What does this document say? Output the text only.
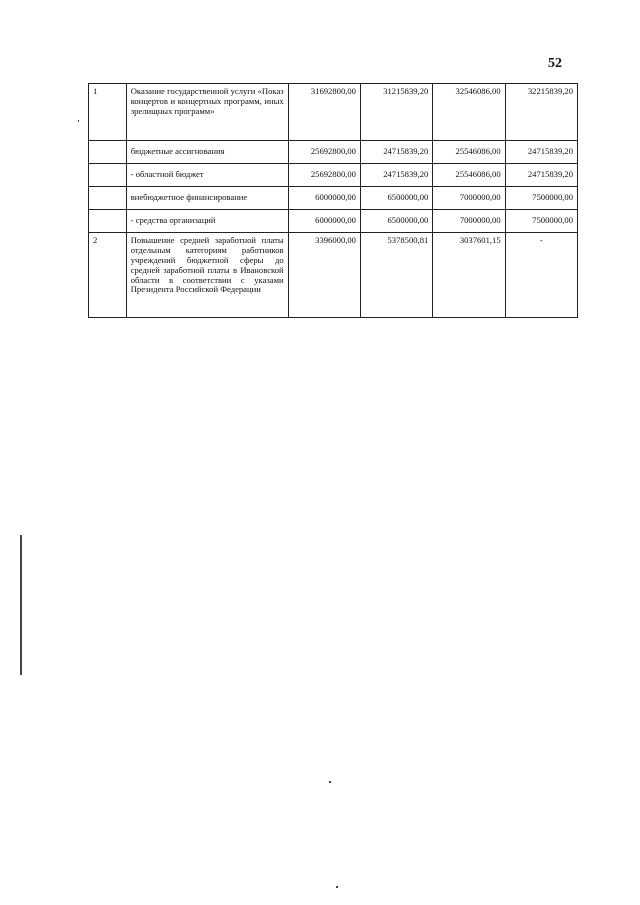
52
1	Оказание государственной услуги «Показ концертов и концертных программ, иных зрелищных программ»	31692800,00	31215839,20	32546086,00	32215839,20
	бюджетные ассигнования	25692800,00	24715839,20	25546086,00	24715839,20
	- областной бюджет	25692800,00	24715839,20	25546086,00	24715839,20
	внебюджетное финансирование	6000000,00	6500000,00	7000000,00	7500000,00
	- средства организаций	6000000,00	6500000,00	7000000,00	7500000,00
2	Повышение средней заработной платы отдельным категориям работников учреждений бюджетной сферы до средней заработной платы в Ивановской области в соответствии с указами Президента Российской Федерации	3396000,00	5378500,81	3037601,15	-
